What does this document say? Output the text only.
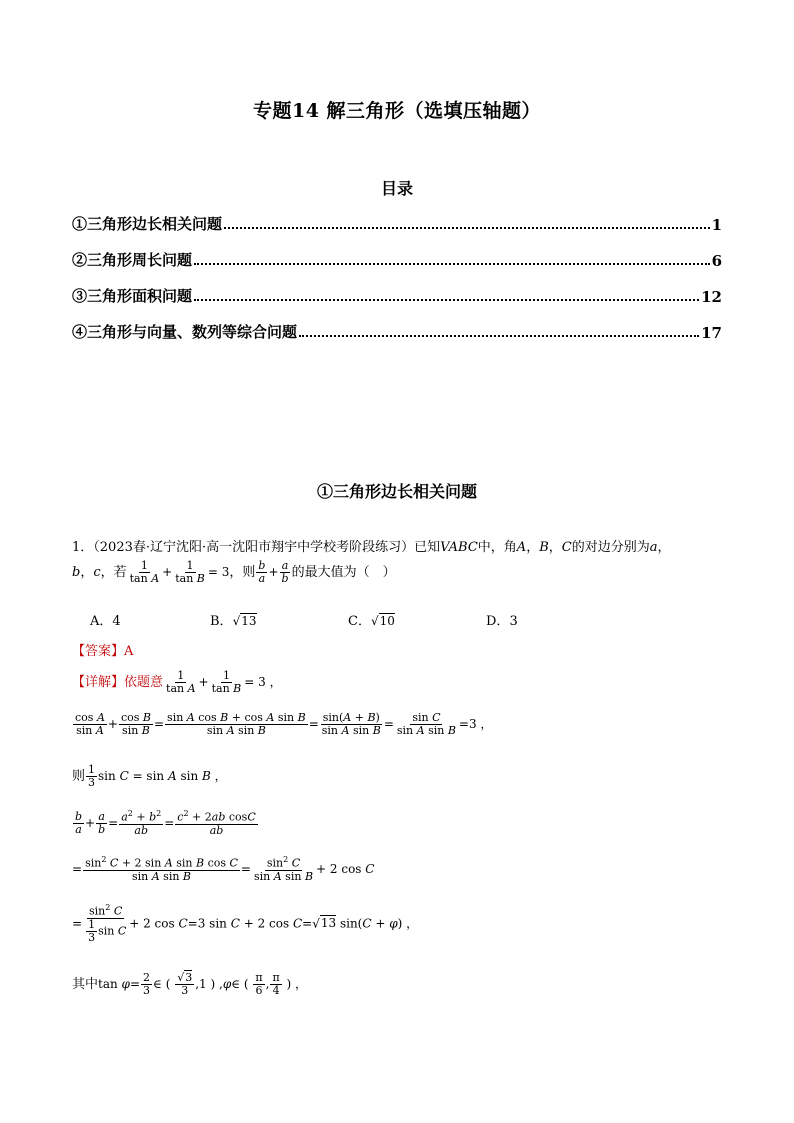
专题14 解三角形（选填压轴题）
目录
①三角形边长相关问题	1
②三角形周长问题	6
③三角形面积问题	12
④三角形与向量、数列等综合问题	17
①三角形边长相关问题
1．（2023春·辽宁沈阳·高一沈阳市翔宇中学校考阶段练习）已知VABC中，角A，B，C的对边分别为a，
b，c，若 $\frac{1}{\text{tan A}} + \frac{1}{\text{tan B}} = 3$，则 $\frac{b}{a} + \frac{a}{b}$ 的最大值为（　）
A．4	B．√13	C．√10	D．3
【答案】A
【详解】依题意 $\frac{1}{\text{tan A}} + \frac{1}{\text{tan B}} = 3$ ，
$\frac{\text{cos A}}{\text{sin A}} + \frac{\text{cos B}}{\text{sin B}} = \frac{\text{sin A cos B + cos A sin B}}{\text{sin A sin B}} = \frac{\sin(A + B)}{\text{sin A sin B}} = \frac{\text{sin C}}{\text{sin A sin B}} =3$ ，
则 $\frac{1}{3}$ sin C = sin A sin B ，
$\frac{b}{a} + \frac{a}{b} = \frac{a^2 + b^2}{ab} = \frac{c^2 + 2ab \cos C}{ab}$
= $\frac{\sin^2 C + 2 \sin A \sin B \cos C}{\text{sin A sin B}} = \frac{\sin^2 C}{\text{sin A sin B}} + 2$ cos C
= $\frac{\sin^2 C}{\frac{1}{3} \sin C} + 2$ cos C=3 sin C + 2 cos C=√13 sin(C + φ) ，
其中$\tan \varphi= \frac{2}{3}$ ∈ ( $\frac{√3}{3} ,1$ ) ,φ∈ ( $\frac{\pi}{6}$ , $\frac{\pi}{4}$ ) ，
